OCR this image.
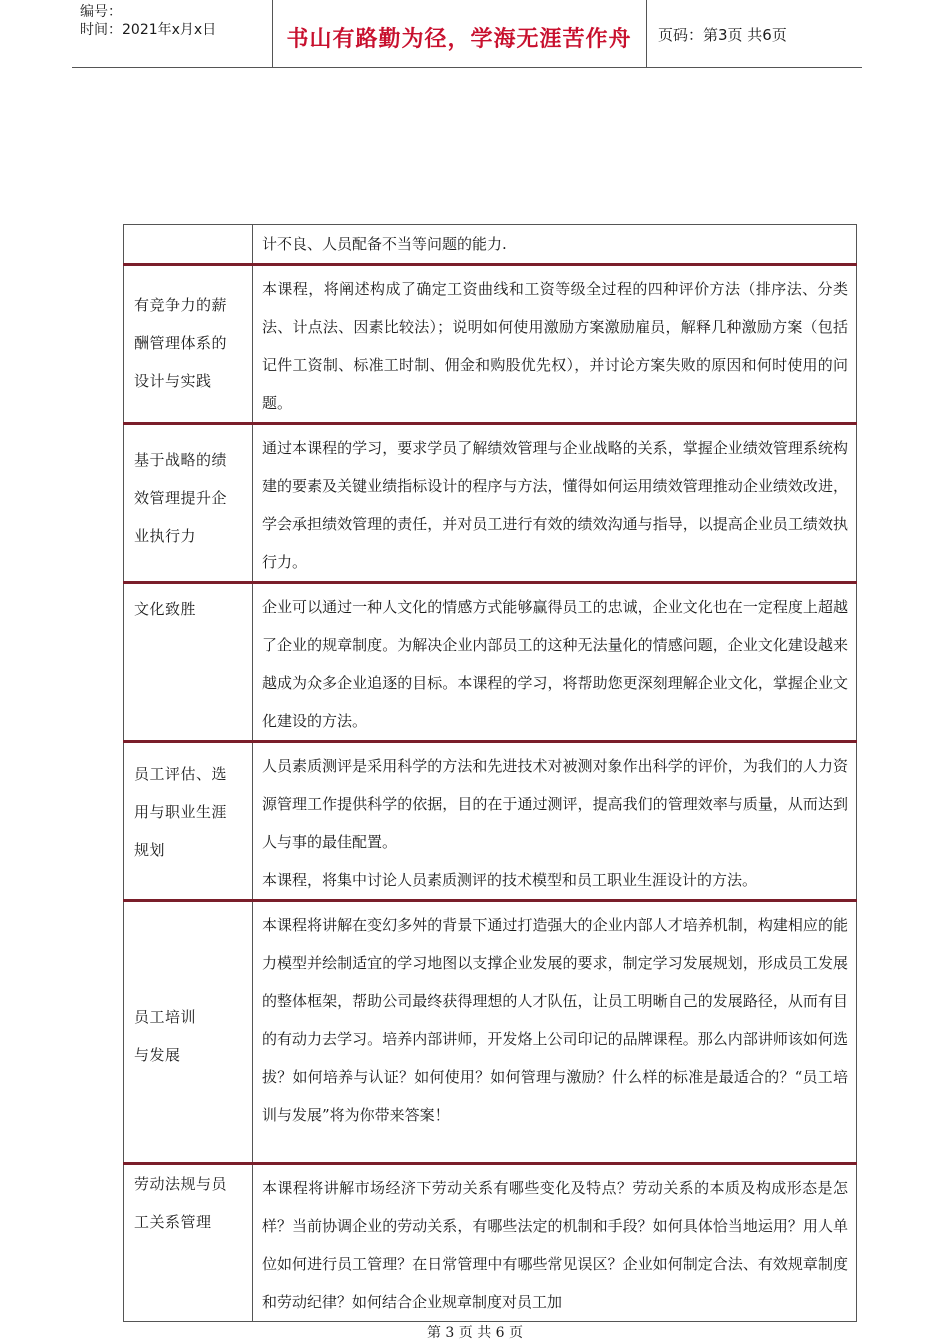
编号：
时间：2021年x月x日	书山有路勤为径，学海无涯苦作舟	页码：第3页 共6页

	计不良、人员配备不当等问题的能力.

有竞争力的薪酬管理体系的设计与实践	本课程，将阐述构成了确定工资曲线和工资等级全过程的四种评价方法（排序法、分类法、计点法、因素比较法）；说明如何使用激励方案激励雇员，解释几种激励方案（包括记件工资制、标准工时制、佣金和购股优先权），并讨论方案失败的原因和何时使用的问题。

基于战略的绩效管理提升企业执行力	通过本课程的学习，要求学员了解绩效管理与企业战略的关系，掌握企业绩效管理系统构建的要素及关键业绩指标设计的程序与方法，懂得如何运用绩效管理推动企业绩效改进，学会承担绩效管理的责任，并对员工进行有效的绩效沟通与指导，以提高企业员工绩效执行力。

文化致胜	企业可以通过一种人文化的情感方式能够赢得员工的忠诚，企业文化也在一定程度上超越了企业的规章制度。为解决企业内部员工的这种无法量化的情感问题，企业文化建设越来越成为众多企业追逐的目标。本课程的学习，将帮助您更深刻理解企业文化，掌握企业文化建设的方法。

员工评估、选用与职业生涯规划	人员素质测评是采用科学的方法和先进技术对被测对象作出科学的评价，为我们的人力资源管理工作提供科学的依据，目的在于通过测评，提高我们的管理效率与质量，从而达到人与事的最佳配置。
本课程，将集中讨论人员素质测评的技术模型和员工职业生涯设计的方法。

员工培训
与发展	本课程将讲解在变幻多舛的背景下通过打造强大的企业内部人才培养机制，构建相应的能力模型并绘制适宜的学习地图以支撑企业发展的要求，制定学习发展规划，形成员工发展的整体框架，帮助公司最终获得理想的人才队伍，让员工明晰自己的发展路径，从而有目的有动力去学习。培养内部讲师，开发烙上公司印记的品牌课程。那么内部讲师该如何选拔？如何培养与认证？如何使用？如何管理与激励？什么样的标准是最适合的？“员工培训与发展”将为你带来答案！

劳动法规与员工关系管理	本课程将讲解市场经济下劳动关系有哪些变化及特点？劳动关系的本质及构成形态是怎样？当前协调企业的劳动关系，有哪些法定的机制和手段？如何具体恰当地运用？用人单位如何进行员工管理？在日常管理中有哪些常见误区？企业如何制定合法、有效规章制度和劳动纪律？如何结合企业规章制度对员工加
第 3 页 共 6 页
